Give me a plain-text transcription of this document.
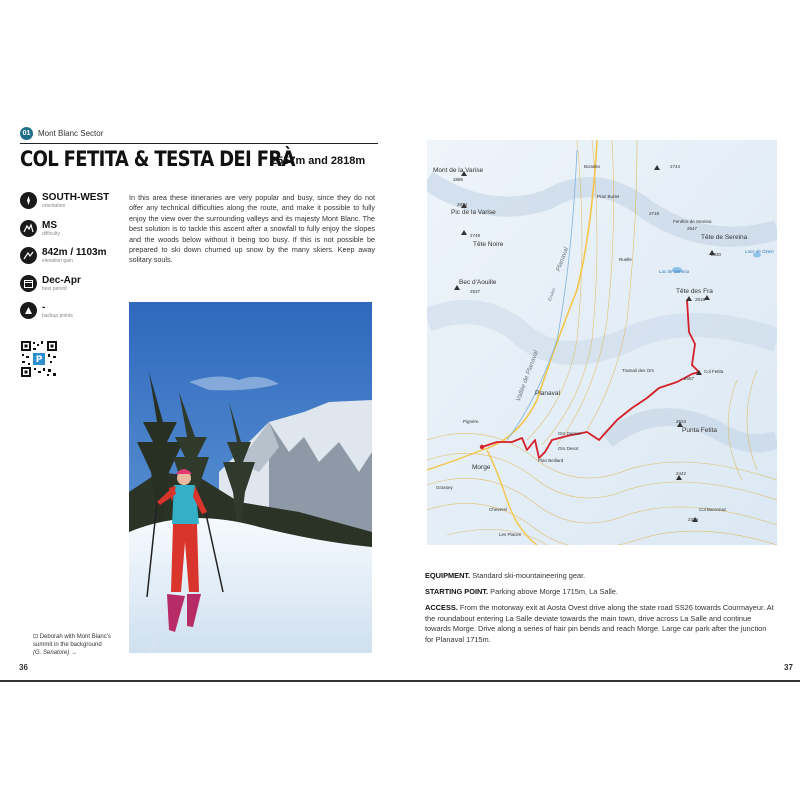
01 Mont Blanc Sector
COL FETITA & TESTA DEI FRÀ
2557m and 2818m
SOUTH-WEST
orientation
MS
difficulty
842m / 1103m
elevation gain
Dec-Apr
best period
-
backup points
P
In this area these itineraries are very popular and busy, since they do not offer any technical difficulties along the route, and make it possible to fully enjoy the view over the surrounding valleys and its majesty Mont Blanc. The best solution is to tackle this ascent after a snowfall to fully enjoy the slopes and the woods below without it being too busy. If this is not possible be prepared to ski down churned up snow by the many skiers. Keep away solitary souls.
⊡ Deborah with Mont Blanc's summit in the background
(G. Senatore) →
36
Mont de la Varise
2886
2874
Pic de la Varise
2749
Tête Noire
Bec d'Aouille
2537
Bonalex	2744
Praz Burlet
2718
Fenêtre de Sereina
2547
Tête de Sereina
2830
Lac de Sereina
Lacs de Ozein
Ruelle
Tête des Fra
2818
Tramail des Ors	Col Fetita
2557
Écules
Vallée de Planaval
Planaval
Planaval
Pignère
Ors Damon
Ors Desot
Plan Beillard
2623
Punta Fetita
2442
Morge
Grassey
Cheverel
Les Places
Col Baronnaz
2319
EQUIPMENT. Standard ski-mountaineering gear.
STARTING POINT. Parking above Morge 1715m, La Salle.
ACCESS. From the motorway exit at Aosta Ovest drive along the state road SS26 towards Courmayeur. At the roundabout entering La Salle deviate towards the main town, drive across La Salle and continue towards Morge. Drive along a series of hair pin bends and reach Morge. Large car park after the junction for Planaval 1715m.
37
